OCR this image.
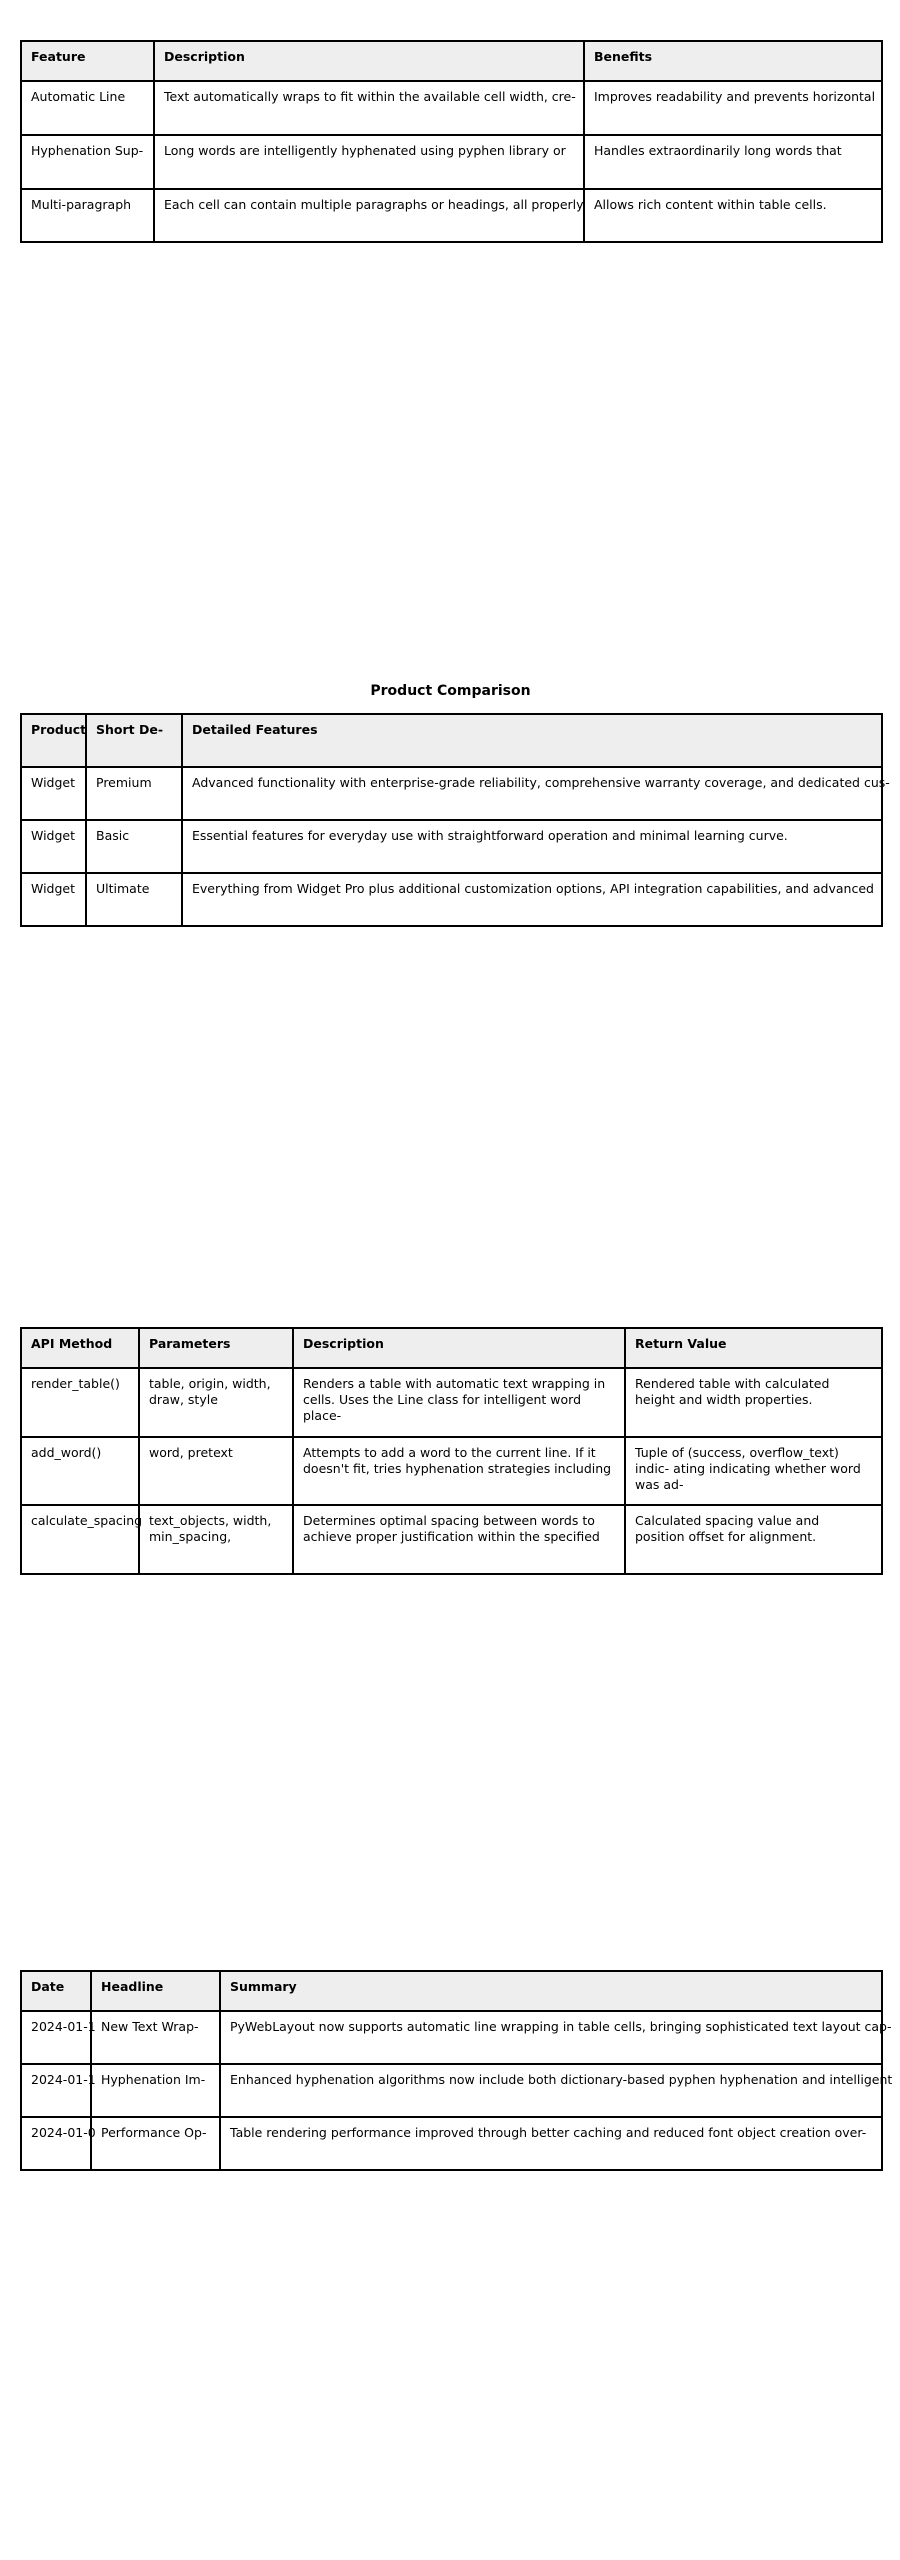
Feature	Description	Benefits

Automatic Line	Text automatically wraps to fit within the available cell width, cre-	Improves readability and prevents horizontal

Hyphenation Sup-	Long words are intelligently hyphenated using pyphen library or	Handles extraordinarily long words that

Multi-paragraph	Each cell can contain multiple paragraphs or headings, all properly	Allows rich content within table cells.
Product Comparison
Product	Short De-	Detailed Features

Widget	Premium	Advanced functionality with enterprise-grade reliability, comprehensive warranty coverage, and dedicated cus-

Widget	Basic	Essential features for everyday use with straightforward operation and minimal learning curve.

Widget	Ultimate	Everything from Widget Pro plus additional customization options, API integration capabilities, and advanced
API Method	Parameters	Description	Return Value

render_table()	table, origin, width, draw, style	Renders a table with automatic text wrapping in cells. Uses the Line class for intelligent word place-	Rendered table with calculated height and width properties.

add_word()	word, pretext	Attempts to add a word to the current line. If it doesn't fit, tries hyphenation strategies including	Tuple of (success, overflow_text) indic- ating indicating whether word was ad-

calculate_spacing	text_objects, width, min_spacing,	Determines optimal spacing between words to achieve proper justification within the specified	Calculated spacing value and position offset for alignment.
Date	Headline	Summary

2024-01-1	New Text Wrap-	PyWebLayout now supports automatic line wrapping in table cells, bringing sophisticated text layout cap-

2024-01-1	Hyphenation Im-	Enhanced hyphenation algorithms now include both dictionary-based pyphen hyphenation and intelligent

2024-01-0	Performance Op-	Table rendering performance improved through better caching and reduced font object creation over-
